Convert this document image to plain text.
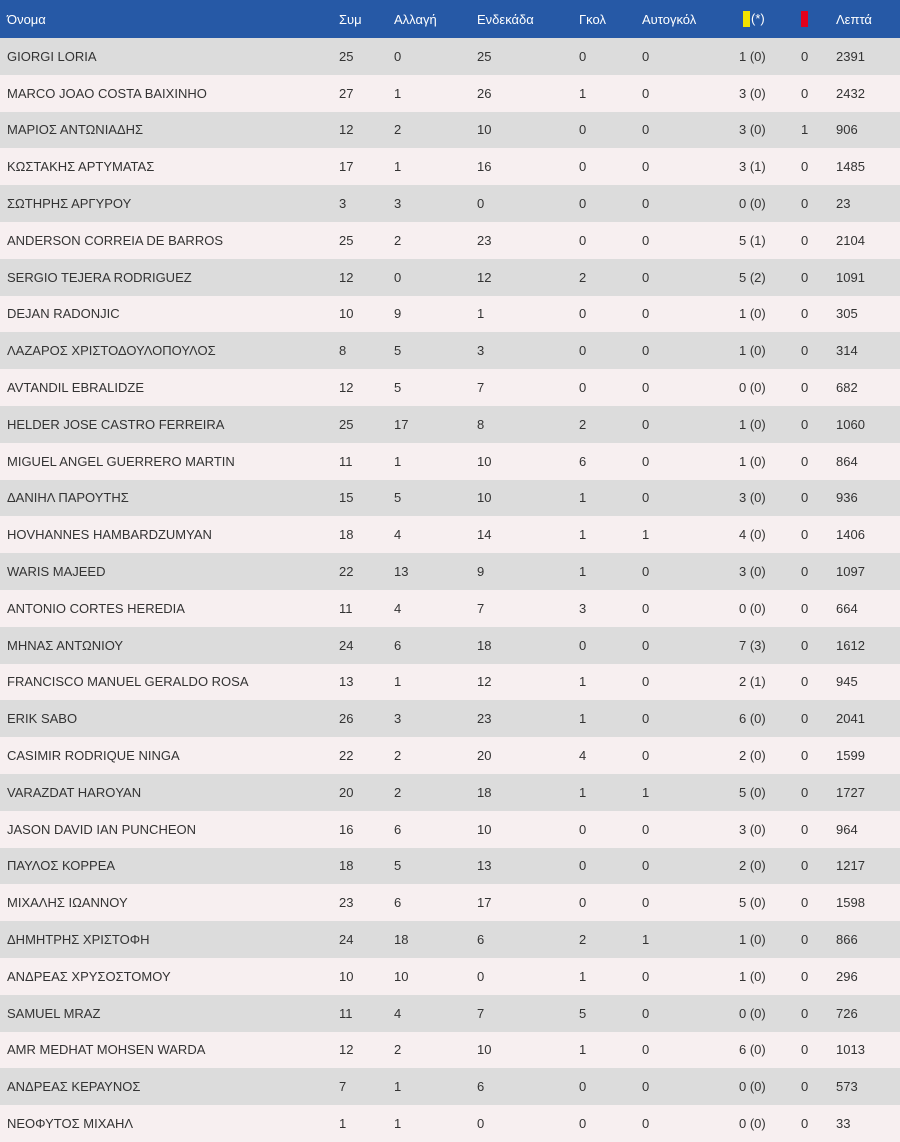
Όνομα	Συμ	Αλλαγή	Ενδεκάδα	Γκολ	Αυτογκόλ	(*)		Λεπτά
GIORGI LORIA	25	0	25	0	0	1 (0)	0	2391
MARCO JOAO COSTA BAIXINHO	27	1	26	1	0	3 (0)	0	2432
ΜΑΡΙΟΣ ΑΝΤΩΝΙΑΔΗΣ	12	2	10	0	0	3 (0)	1	906
ΚΩΣΤΑΚΗΣ ΑΡΤΥΜΑΤΑΣ	17	1	16	0	0	3 (1)	0	1485
ΣΩΤΗΡΗΣ ΑΡΓΥΡΟΥ	3	3	0	0	0	0 (0)	0	23
ANDERSON CORREIA DE BARROS	25	2	23	0	0	5 (1)	0	2104
SERGIO TEJERA RODRIGUEZ	12	0	12	2	0	5 (2)	0	1091
DEJAN RADONJIC	10	9	1	0	0	1 (0)	0	305
ΛΑΖΑΡΟΣ ΧΡΙΣΤΟΔΟΥΛΟΠΟΥΛΟΣ	8	5	3	0	0	1 (0)	0	314
AVTANDIL EBRALIDZE	12	5	7	0	0	0 (0)	0	682
HELDER JOSE CASTRO FERREIRA	25	17	8	2	0	1 (0)	0	1060
MIGUEL ANGEL GUERRERO MARTIN	11	1	10	6	0	1 (0)	0	864
ΔΑΝΙΗΛ ΠΑΡΟΥΤΗΣ	15	5	10	1	0	3 (0)	0	936
HOVHANNES HAMBARDZUMYAN	18	4	14	1	1	4 (0)	0	1406
WARIS MAJEED	22	13	9	1	0	3 (0)	0	1097
ANTONIO CORTES HEREDIA	11	4	7	3	0	0 (0)	0	664
ΜΗΝΑΣ ΑΝΤΩΝΙΟΥ	24	6	18	0	0	7 (3)	0	1612
FRANCISCO MANUEL GERALDO ROSA	13	1	12	1	0	2 (1)	0	945
ERIK SABO	26	3	23	1	0	6 (0)	0	2041
CASIMIR RODRIQUE NINGA	22	2	20	4	0	2 (0)	0	1599
VARAZDAT HAROYAN	20	2	18	1	1	5 (0)	0	1727
JASON DAVID IAN PUNCHEON	16	6	10	0	0	3 (0)	0	964
ΠΑΥΛΟΣ ΚΟΡΡΕΑ	18	5	13	0	0	2 (0)	0	1217
ΜΙΧΑΛΗΣ ΙΩΑΝΝΟΥ	23	6	17	0	0	5 (0)	0	1598
ΔΗΜΗΤΡΗΣ ΧΡΙΣΤΟΦΗ	24	18	6	2	1	1 (0)	0	866
ΑΝΔΡΕΑΣ ΧΡΥΣΟΣΤΟΜΟΥ	10	10	0	1	0	1 (0)	0	296
SAMUEL MRAZ	11	4	7	5	0	0 (0)	0	726
AMR MEDHAT MOHSEN WARDA	12	2	10	1	0	6 (0)	0	1013
ΑΝΔΡΕΑΣ ΚΕΡΑΥΝΟΣ	7	1	6	0	0	0 (0)	0	573
ΝΕΟΦΥΤΟΣ ΜΙΧΑΗΛ	1	1	0	0	0	0 (0)	0	33
